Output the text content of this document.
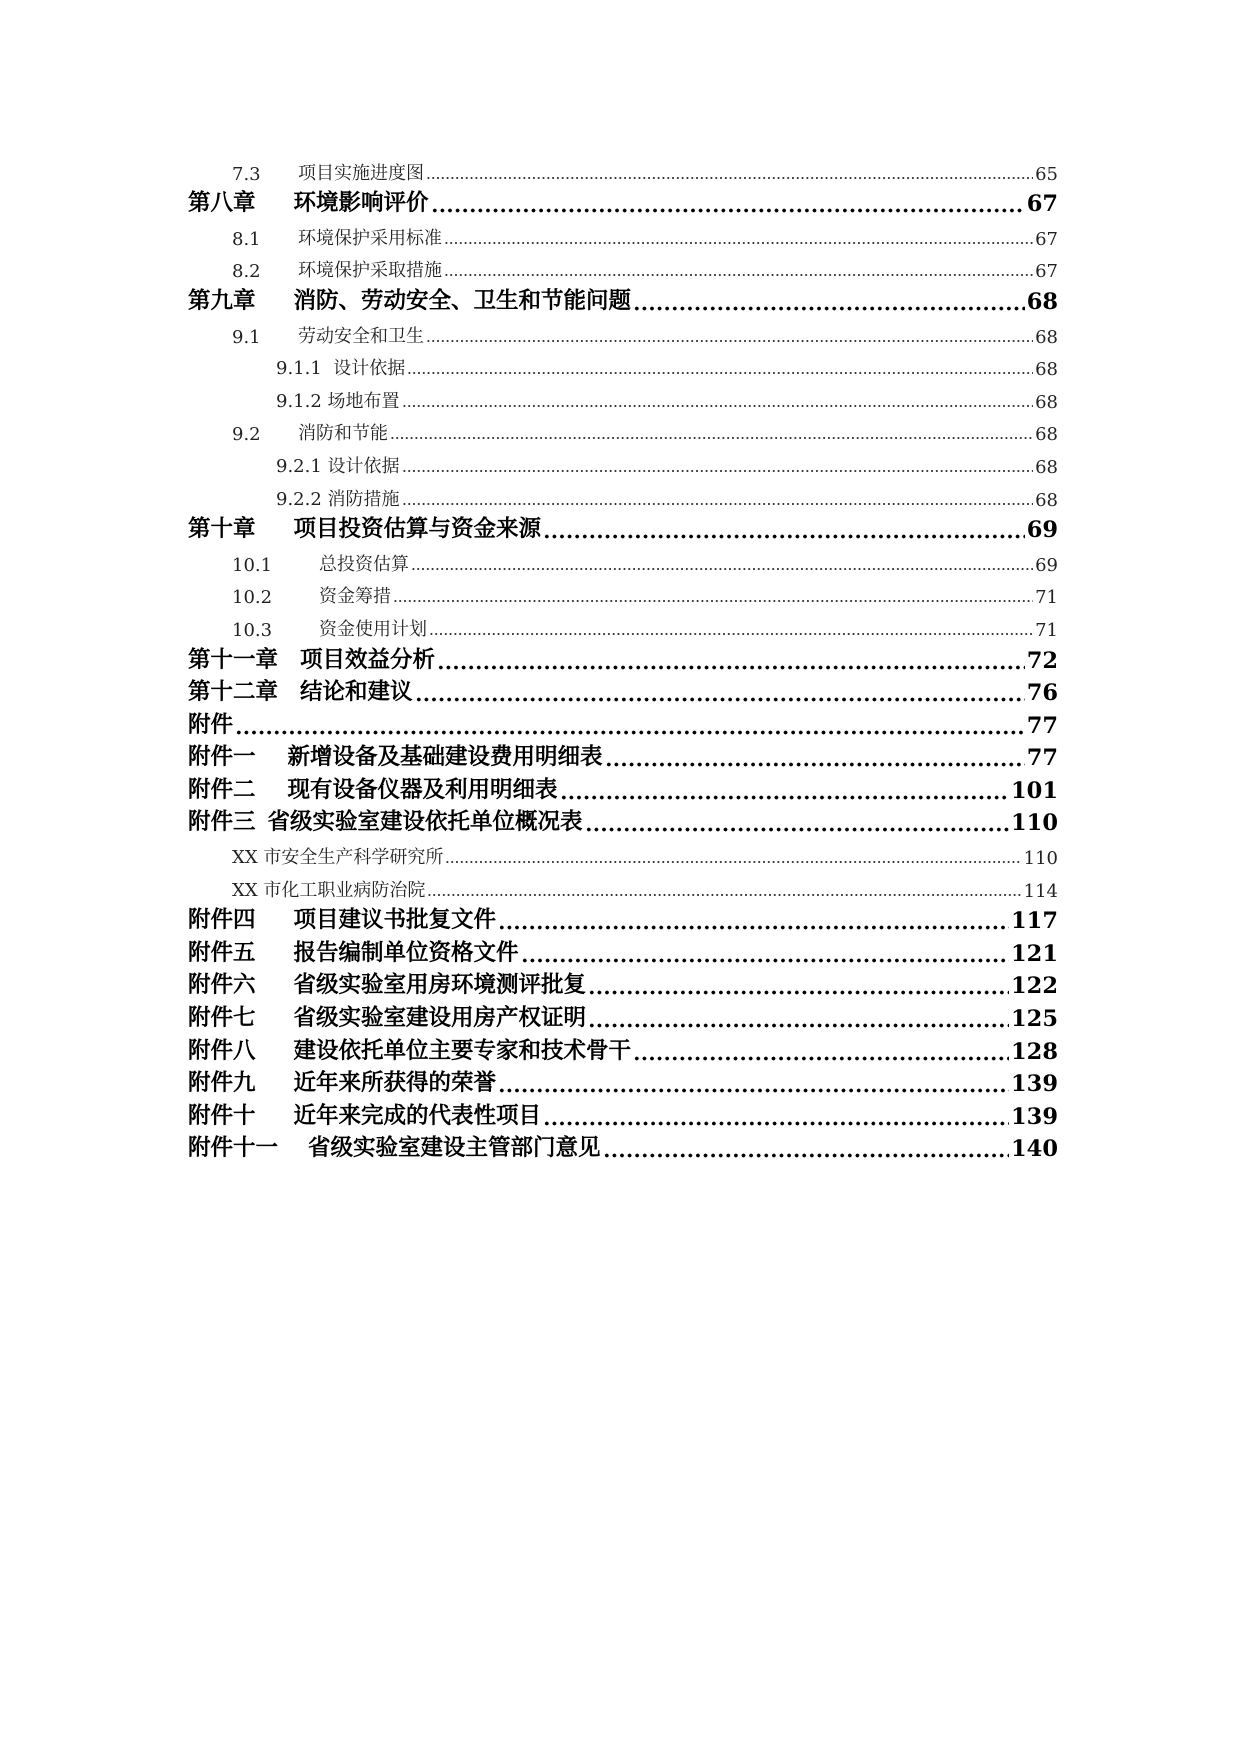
7.3	项目实施进度图	65
第八章	环境影响评价	67
8.1	环境保护采用标准	67
8.2	环境保护采取措施	67
第九章	消防、劳动安全、卫生和节能问题	68
9.1	劳动安全和卫生	68
9.1.1  设计依据	68
9.1.2 场地布置	68
9.2	消防和节能	68
9.2.1 设计依据	68
9.2.2 消防措施	68
第十章	项目投资估算与资金来源	69
10.1	总投资估算	69
10.2	资金筹措	71
10.3	资金使用计划	71
第十一章 项目效益分析	72
第十二章 结论和建议	76
附件	77
附件一	新增设备及基础建设费用明细表	77
附件二	现有设备仪器及利用明细表	101
附件三 省级实验室建设依托单位概况表	110
XX 市安全生产科学研究所	110
XX 市化工职业病防治院	114
附件四	项目建议书批复文件	117
附件五	报告编制单位资格文件	121
附件六	省级实验室用房环境测评批复	122
附件七	省级实验室建设用房产权证明	125
附件八	建设依托单位主要专家和技术骨干	128
附件九	近年来所获得的荣誉	139
附件十	近年来完成的代表性项目	139
附件十一	省级实验室建设主管部门意见	140
